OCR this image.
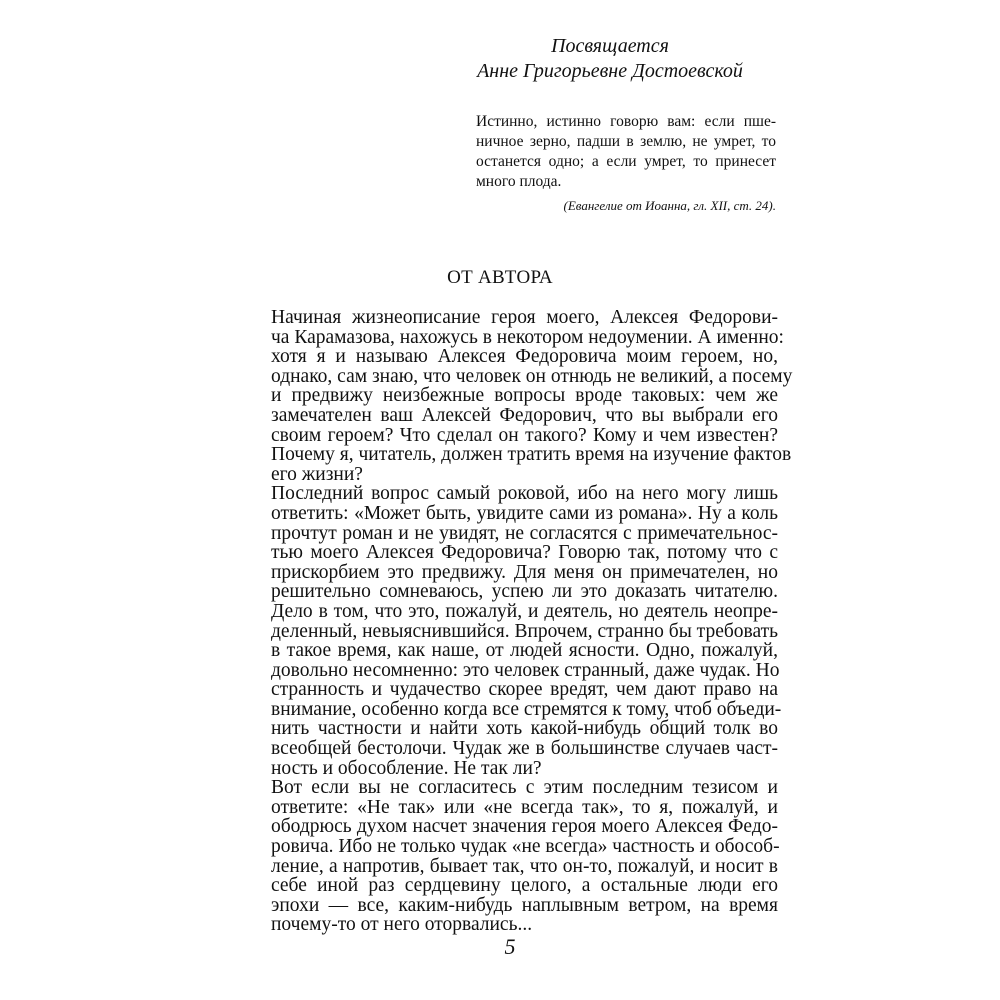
Посвящается
Анне Григорьевне Достоевской
Истинно, истинно говорю вам: если пше-
ничное зерно, падши в землю, не умрет, то
останется одно; а если умрет, то принесет
много плода.
(Евангелие от Иоанна, гл. XII, ст. 24).
ОТ АВТОРА

Начиная жизнеописание героя моего, Алексея Федорови-
ча Карамазова, нахожусь в некотором недоумении. А именно:
хотя я и называю Алексея Федоровича моим героем, но,
однако, сам знаю, что человек он отнюдь не великий, а посему
и предвижу неизбежные вопросы вроде таковых: чем же
замечателен ваш Алексей Федорович, что вы выбрали его
своим героем? Что сделал он такого? Кому и чем известен?
Почему я, читатель, должен тратить время на изучение фактов
его жизни?

Последний вопрос самый роковой, ибо на него могу лишь
ответить: «Может быть, увидите сами из романа». Ну а коль
прочтут роман и не увидят, не согласятся с примечательнос-
тью моего Алексея Федоровича? Говорю так, потому что с
прискорбием это предвижу. Для меня он примечателен, но
решительно сомневаюсь, успею ли это доказать читателю.
Дело в том, что это, пожалуй, и деятель, но деятель неопре-
деленный, невыяснившийся. Впрочем, странно бы требовать
в такое время, как наше, от людей ясности. Одно, пожалуй,
довольно несомненно: это человек странный, даже чудак. Но
странность и чудачество скорее вредят, чем дают право на
внимание, особенно когда все стремятся к тому, чтоб объеди-
нить частности и найти хоть какой-нибудь общий толк во
всеобщей бестолочи. Чудак же в большинстве случаев част-
ность и обособление. Не так ли?

Вот если вы не согласитесь с этим последним тезисом и
ответите: «Не так» или «не всегда так», то я, пожалуй, и
ободрюсь духом насчет значения героя моего Алексея Федо-
ровича. Ибо не только чудак «не всегда» частность и обособ-
ление, а напротив, бывает так, что он-то, пожалуй, и носит в
себе иной раз сердцевину целого, а остальные люди его
эпохи — все, каким-нибудь наплывным ветром, на время
почему-то от него оторвались...

5
